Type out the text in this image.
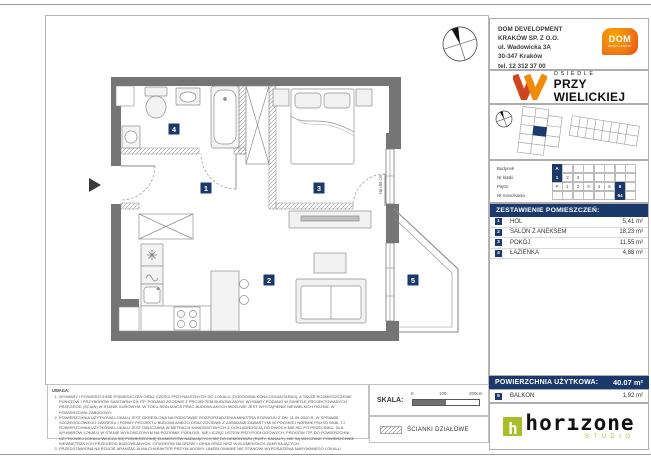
Hp=85 cm
1
2
3
4
5
UWAGA:
1. WYMIARY I POWIERZCHNIE POMIESZCZEŃ ORAZ CZĘŚCI PRZYNALEŻNYCH DO LOKALU (OGRÓD/BALKON/LOGGIA/TARAS), A TAKŻE ROZMIESZCZENIE PUNKTÓW I PRZYBORÓW SANITARNYCH ITP. PODANO ZGODNIE Z PROJEKTEM BUDOWLANYM. WYMIARY PODANO W ŚWIETLE PROJEKTOWANYCH PRZEGRÓD (ŚCIAN) W STANIE SUROWYM. W TOKU REALIZACJI PRAC BUDOWLANYCH MOŻLIWE JEST WYSTĄPIENIE NIEWIELKICH RÓŻNIC W POWIERZCHNI ZABUDOWY.
2. POWIERZCHNIA UŻYTKOWA LOKALU JEST OKREŚLONA NA PODSTAWIE ROZPORZĄDZENIA MINISTRA ROZWOJU Z DN. 11.09.2020 R. W SPRAWIE SZCZEGÓŁOWEGO ZAKRESU I FORMY PROJEKTU BUDOWLANEGO ORAZ ZGODNIE Z ZASADAMI ZAWARTYMI W POLSKIEJ NORMIE PN-ISO 9836, TJ. POWIERZCHNIA UŻYTKOWA LOKALU JEST OBLICZANA W METRACH KWADRATOWYCH Z DOKŁADNOŚCIĄ DO DWÓCH MIEJSC PO PRZECINKU, DLA WYMIARÓW LOKALU W STANIE WYKOŃCZONYM NA POZIOMIE PODŁOGI, NIE LICZĄC LISTEW PRZYPODŁOGOWYCH, PROGÓW ITP. DO POWIERZCHNI UŻYTKOWEJ LOKALU WLICZA SIĘ POWIERZCHNIĘ ELEMENTÓW NADAJĄCYCH SIĘ DO DEMONTAŻU (RURY, KANAŁY). NIE SĄ WLICZANE POWIERZCHNIE WEWNĘTRZNYCH PRZEGRÓD BUDOWLANYCH, OTWORÓW NA DRZWI I OKNA ORAZ NISZ W ELEMENTACH ZAMYKAJĄCYCH.
3. PRZEDSTAWIONA NA RZUCIE ARANŻACJA MA CHARAKTER PRZYKŁADOWY. UMEBLOWANIE NIE STANOWI WYPOSAŻENIA NABYWANEGO LOKALU.
SKALA:
0	100	200cm
ŚCIANKI DZIAŁOWE
DOM DEVELOPMENT
KRAKÓW SP. Z O.O.
ul. Wadowicka 3A
30-347 Kraków
tel. 12 312 37 00
DOM
DEVELOPMENT
OSIEDLE
PRZY
WIELICKIEJ
Budynek	A
Nr klatki	1	2	3
Piętro	P	1	2	3	4	5	6
Nr mieszkania	64
ZESTAWIENIE POMIESZCZEŃ:
1	HOL	5,41 m²
2	SALON Z ANEKSEM	18,23 m²
3	POKÓJ	11,55 m²
4	ŁAZIENKA	4,88 m²
POWIERZCHNIA UŻYTKOWA:	40.07 m²
5	BALKON	1,92 m²
h horızone
STUDIO
